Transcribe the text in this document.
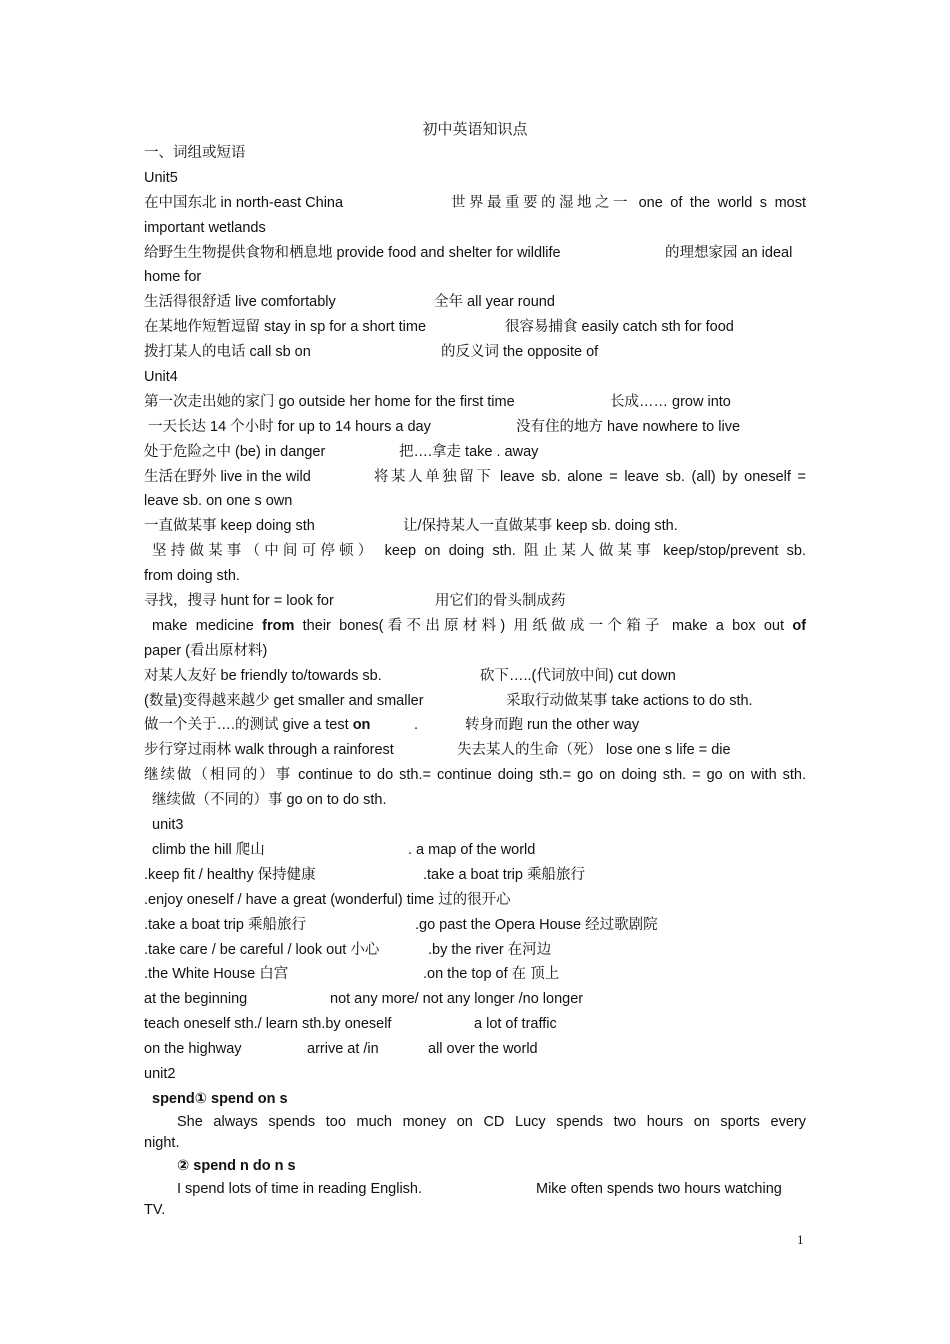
初中英语知识点
一、词组或短语
Unit5
在中国东北 in north-east China	世界最重要的湿地之一 one of the world s most
important wetlands
给野生生物提供食物和栖息地 provide food and shelter for wildlife	的理想家园 an ideal
home for
生活得很舒适 live comfortably	全年 all year round
在某地作短暂逗留 stay in sp for a short time	很容易捕食 easily catch sth for food
拨打某人的电话 call sb on	的反义词 the opposite of
Unit4
第一次走出她的家门 go outside her home for the first time	长成…… grow into
一天长达 14 个小时 for up to 14 hours a day	没有住的地方 have nowhere to live
处于危险之中 (be) in danger	把….拿走 take . away
生活在野外 live in the wild	将某人单独留下 leave sb. alone = leave sb. (all) by oneself =
leave sb. on one s own
一直做某事 keep doing sth	让/保持某人一直做某事 keep sb. doing sth.
坚持做某事（中间可停顿） keep on doing sth. 阻止某人做某事 keep/stop/prevent sb.
from doing sth.
寻找，搜寻 hunt for = look for	用它们的骨头制成药
make medicine from their bones(看不出原材料) 用纸做成一个箱子 make a box out of
paper (看出原材料)
对某人友好 be friendly to/towards sb.	砍下…..(代词放中间) cut down
(数量)变得越来越少 get smaller and smaller	采取行动做某事 take actions to do sth.
做一个关于….的测试 give a test on	.	转身而跑 run the other way
步行穿过雨林 walk through a rainforest	失去某人的生命（死） lose one s life = die
继续做（相同的）事 continue to do sth.= continue doing sth.= go on doing sth. = go on with sth.
继续做（不同的）事 go on to do sth.
unit3
climb the hill 爬山	. a map of the world
.keep fit / healthy 保持健康	.take a boat trip 乘船旅行
.enjoy oneself / have a great (wonderful) time 过的很开心
.take a boat trip 乘船旅行	.go past the Opera House 经过歌剧院
.take care / be careful / look out 小心	.by the river 在河边
.the White House 白宫	.on the top of 在 顶上
at the beginning	not any more/ not any longer /no longer
teach oneself sth./ learn sth.by oneself	a lot of traffic
on the highway	arrive at /in	all over the world
unit2
spend① spend on s
She always spends too much money on CD Lucy spends two hours on sports every
night.
② spend n do n s
I spend lots of time in reading English.	Mike often spends two hours watching
TV.
1
